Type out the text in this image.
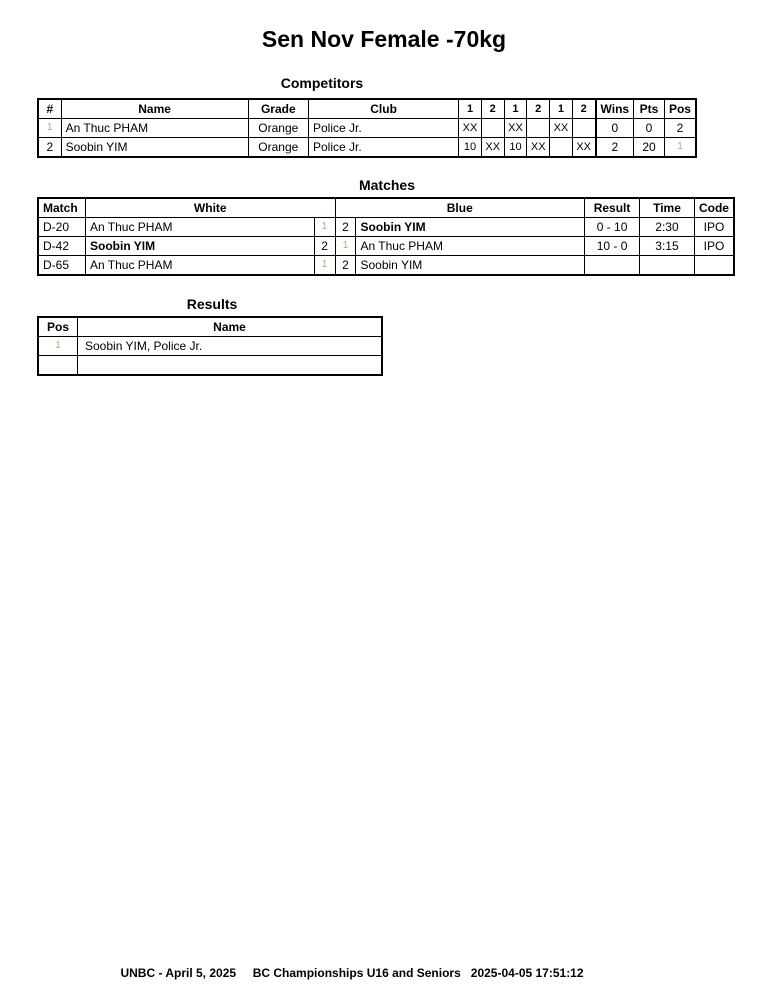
Sen Nov Female -70kg
Competitors
#	Name	Grade	Club	1	2	1	2	1	2	Wins	Pts	Pos
1	An Thuc PHAM	Orange	Police Jr.	XX		XX		XX		0	0	2
2	Soobin YIM	Orange	Police Jr.	10	XX	10	XX		XX	2	20	1
Matches
Match	White		Blue		Result	Time	Code
D-20	An Thuc PHAM	1	2	Soobin YIM	0 - 10	2:30	IPO
D-42	Soobin YIM	2	1	An Thuc PHAM	10 - 0	3:15	IPO
D-65	An Thuc PHAM	1	2	Soobin YIM			
Results
Pos	Name
1	Soobin YIM, Police Jr.

UNBC - April 5, 2025 BC Championships U16 and Seniors 2025-04-05 17:51:12
